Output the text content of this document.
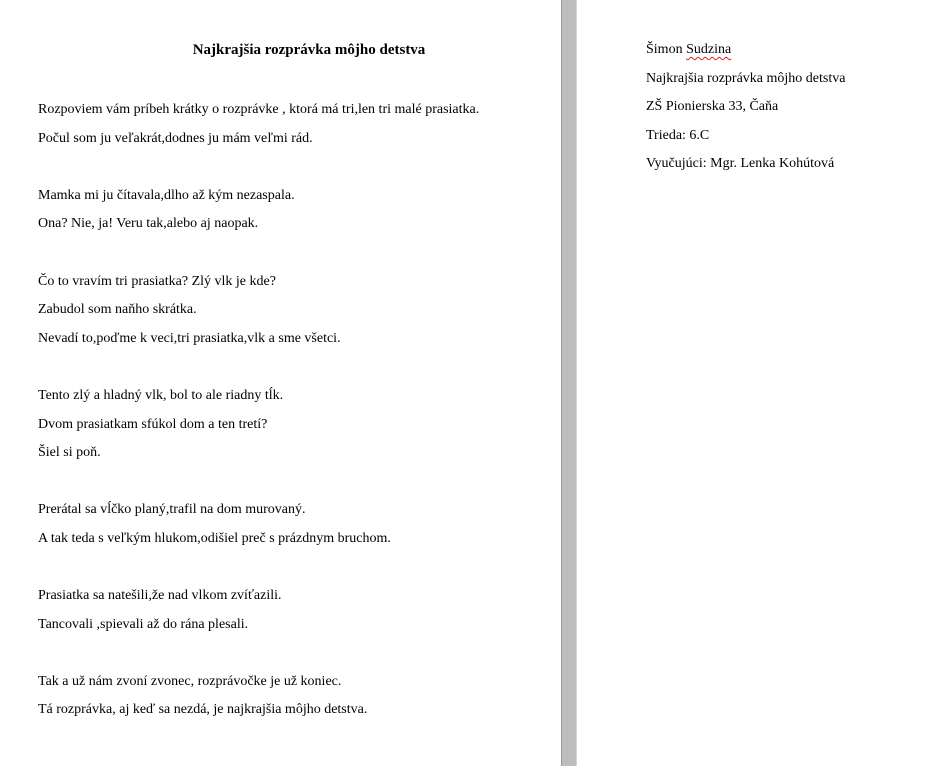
Najkrajšia rozprávka môjho detstva
Rozpoviem vám príbeh krátky o rozprávke , ktorá má tri,len tri malé prasiatka.
Počul som ju veľakrát,dodnes ju mám veľmi rád.
Mamka mi ju čítavala,dlho až kým nezaspala.
Ona? Nie, ja! Veru tak,alebo aj naopak.
Čo to vravím tri prasiatka? Zlý vlk je kde?
Zabudol som naňho skrátka.
Nevadí to,poďme k veci,tri prasiatka,vlk a sme všetci.
Tento zlý a hladný vlk, bol to ale riadny tĺk.
Dvom prasiatkam sfúkol dom a ten tretí?
Šiel si poň.
Prerátal sa vĺčko planý,trafil na dom murovaný.
A tak teda s veľkým hlukom,odišiel preč s prázdnym bruchom.
Prasiatka sa natešili,že nad vlkom zvíťazili.
Tancovali ,spievali až do rána plesali.
Tak a už nám zvoní zvonec, rozprávočke je už koniec.
Tá rozprávka, aj keď sa nezdá, je najkrajšia môjho detstva.
Šimon Sudzina
Najkrajšia rozprávka môjho detstva
ZŠ Pionierska 33, Čaňa
Trieda: 6.C
Vyučujúci: Mgr. Lenka Kohútová
